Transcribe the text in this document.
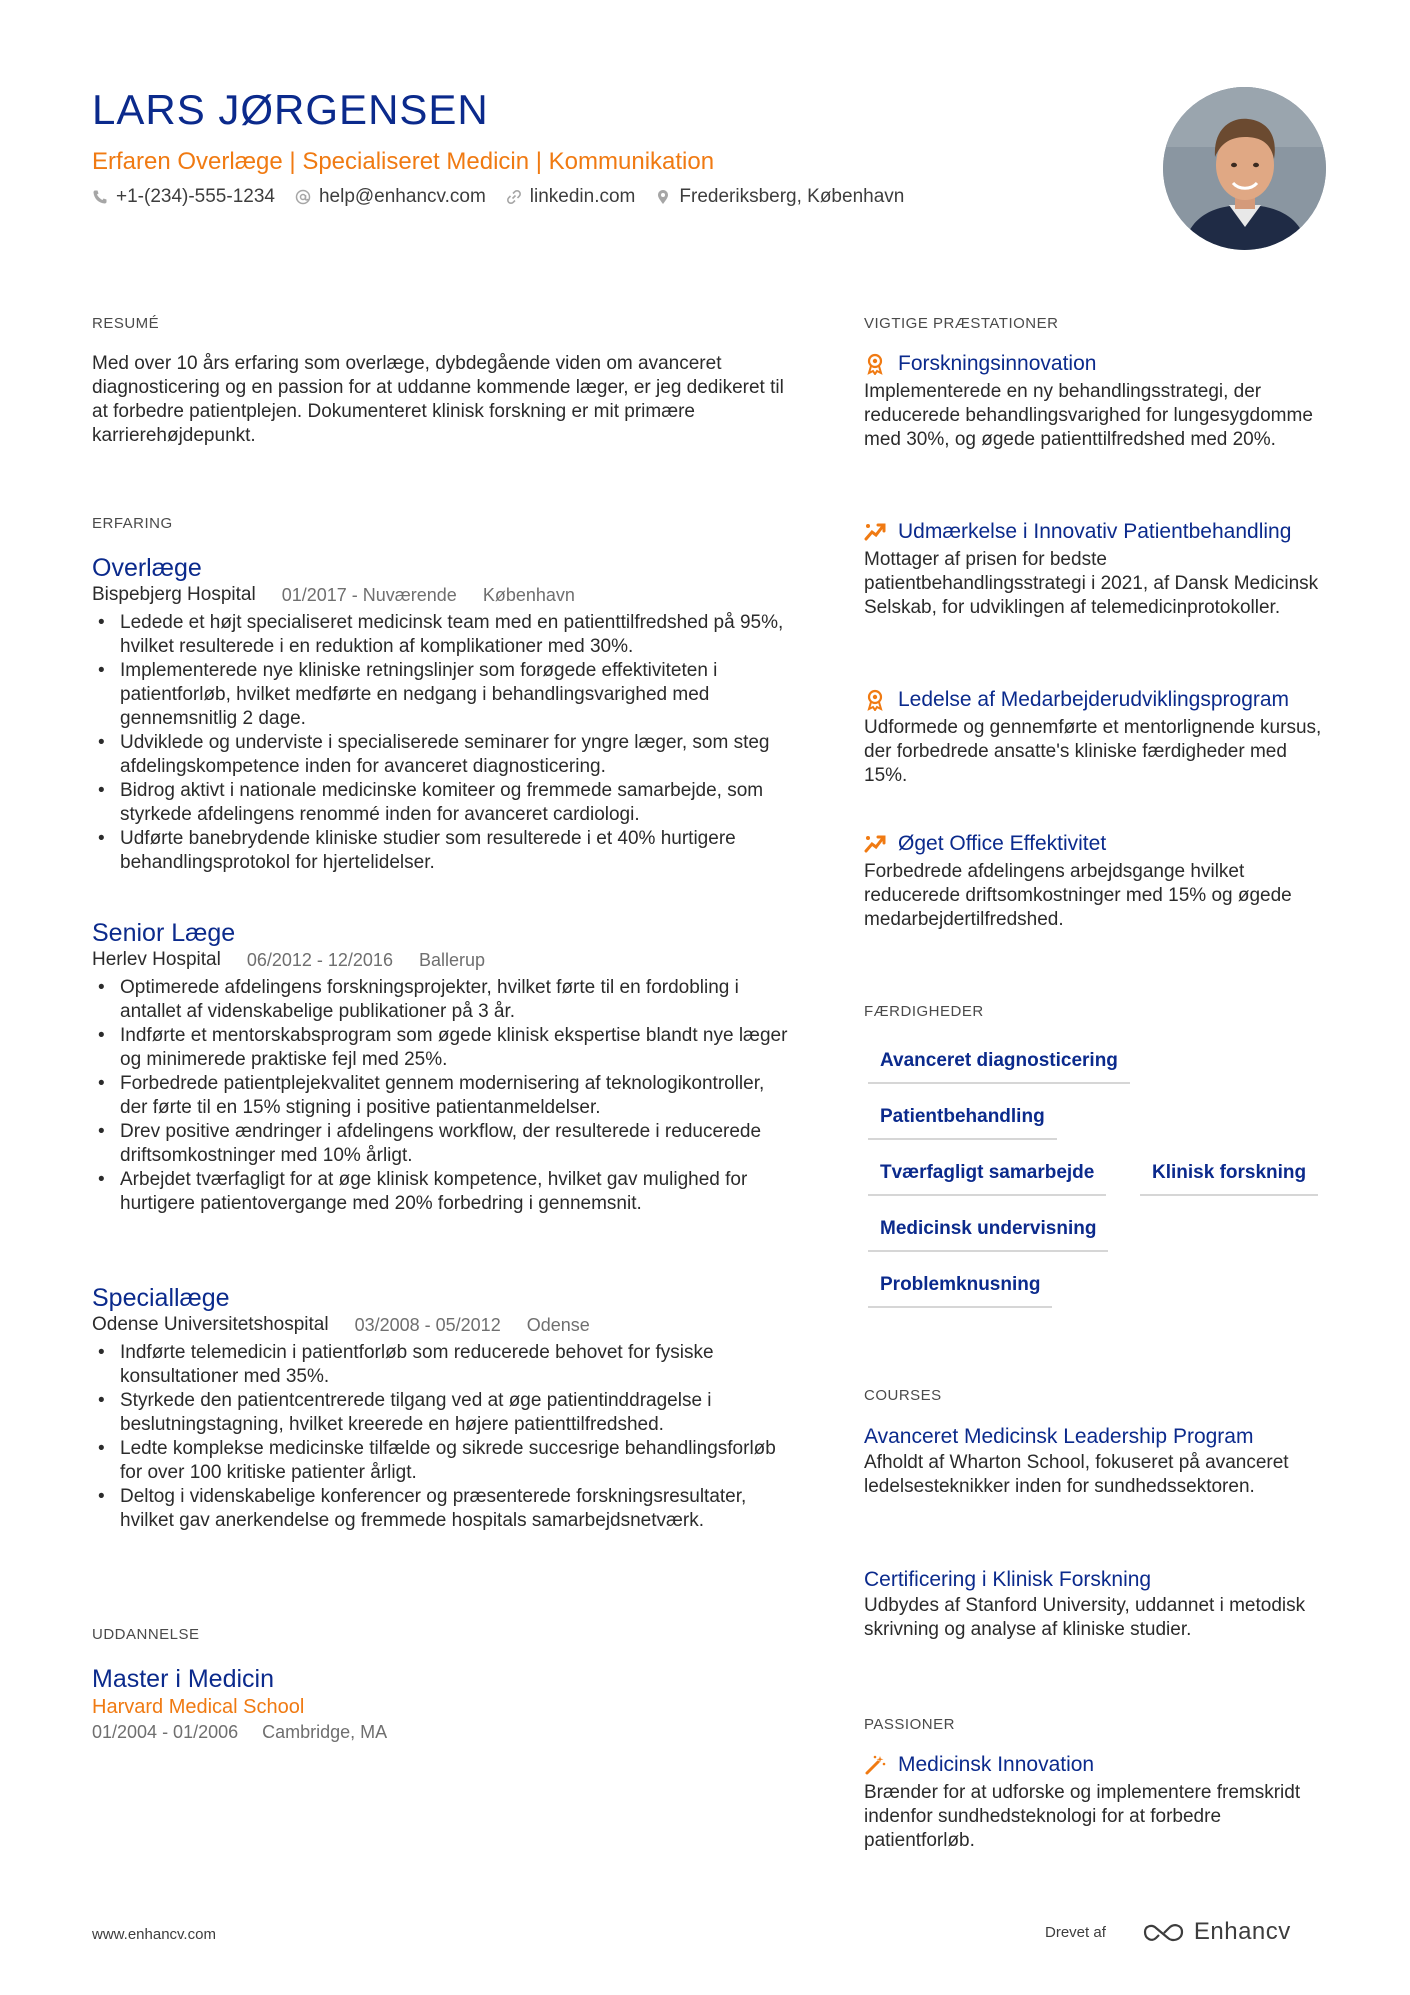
LARS JØRGENSEN
Erfaren Overlæge | Specialiseret Medicin | Kommunikation
+1-(234)-555-1234 help@enhancv.com linkedin.com Frederiksberg, København
RESUMÉ
Med over 10 års erfaring som overlæge, dybdegående viden om avanceret diagnosticering og en passion for at uddanne kommende læger, er jeg dedikeret til at forbedre patientplejen. Dokumenteret klinisk forskning er mit primære karrierehøjdepunkt.
ERFARING
Overlæge
Bispebjerg Hospital 01/2017 - Nuværende København
• Ledede et højt specialiseret medicinsk team med en patienttilfredshed på 95%, hvilket resulterede i en reduktion af komplikationer med 30%.
• Implementerede nye kliniske retningslinjer som forøgede effektiviteten i patientforløb, hvilket medførte en nedgang i behandlingsvarighed med gennemsnitlig 2 dage.
• Udviklede og underviste i specialiserede seminarer for yngre læger, som steg afdelingskompetence inden for avanceret diagnosticering.
• Bidrog aktivt i nationale medicinske komiteer og fremmede samarbejde, som styrkede afdelingens renommé inden for avanceret cardiologi.
• Udførte banebrydende kliniske studier som resulterede i et 40% hurtigere behandlingsprotokol for hjertelidelser.
Senior Læge
Herlev Hospital 06/2012 - 12/2016 Ballerup
• Optimerede afdelingens forskningsprojekter, hvilket førte til en fordobling i antallet af videnskabelige publikationer på 3 år.
• Indførte et mentorskabsprogram som øgede klinisk ekspertise blandt nye læger og minimerede praktiske fejl med 25%.
• Forbedrede patientplejekvalitet gennem modernisering af teknologikontroller, der førte til en 15% stigning i positive patientanmeldelser.
• Drev positive ændringer i afdelingens workflow, der resulterede i reducerede driftsomkostninger med 10% årligt.
• Arbejdet tværfagligt for at øge klinisk kompetence, hvilket gav mulighed for hurtigere patientovergange med 20% forbedring i gennemsnit.
Speciallæge
Odense Universitetshospital 03/2008 - 05/2012 Odense
• Indførte telemedicin i patientforløb som reducerede behovet for fysiske konsultationer med 35%.
• Styrkede den patientcentrerede tilgang ved at øge patientinddragelse i beslutningstagning, hvilket kreerede en højere patienttilfredshed.
• Ledte komplekse medicinske tilfælde og sikrede succesrige behandlingsforløb for over 100 kritiske patienter årligt.
• Deltog i videnskabelige konferencer og præsenterede forskningsresultater, hvilket gav anerkendelse og fremmede hospitals samarbejdsnetværk.
UDDANNELSE
Master i Medicin
Harvard Medical School
01/2004 - 01/2006 Cambridge, MA
VIGTIGE PRÆSTATIONER
Forskningsinnovation
Implementerede en ny behandlingsstrategi, der reducerede behandlingsvarighed for lungesygdomme med 30%, og øgede patienttilfredshed med 20%.
Udmærkelse i Innovativ Patientbehandling
Mottager af prisen for bedste patientbehandlingsstrategi i 2021, af Dansk Medicinsk Selskab, for udviklingen af telemedicinprotokoller.
Ledelse af Medarbejderudviklingsprogram
Udformede og gennemførte et mentorlignende kursus, der forbedrede ansatte's kliniske færdigheder med 15%.
Øget Office Effektivitet
Forbedrede afdelingens arbejdsgange hvilket reducerede driftsomkostninger med 15% og øgede medarbejdertilfredshed.
FÆRDIGHEDER
Avanceret diagnosticering
Patientbehandling
Tværfagligt samarbejde	Klinisk forskning
Medicinsk undervisning
Problemknusning
COURSES
Avanceret Medicinsk Leadership Program
Afholdt af Wharton School, fokuseret på avanceret ledelsesteknikker inden for sundhedssektoren.
Certificering i Klinisk Forskning
Udbydes af Stanford University, uddannet i metodisk skrivning og analyse af kliniske studier.
PASSIONER
Medicinsk Innovation
Brænder for at udforske og implementere fremskridt indenfor sundhedsteknologi for at forbedre patientforløb.
www.enhancv.com	Drevet af	Enhancv
